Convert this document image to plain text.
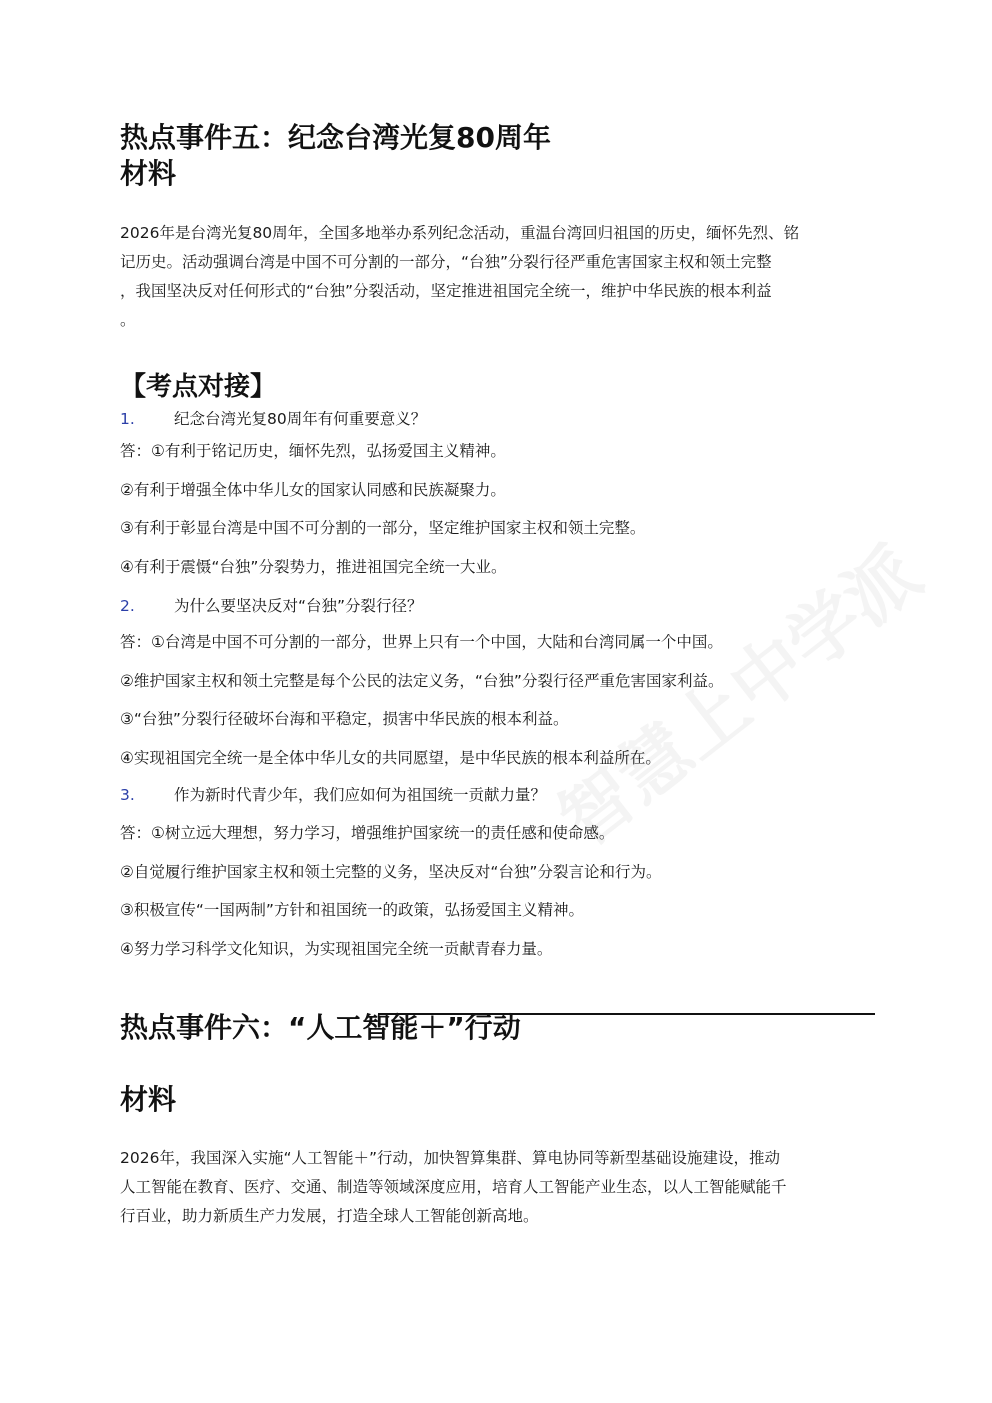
热点事件五：纪念台湾光复80周年
材料
2026年是台湾光复80周年，全国多地举办系列纪念活动，重温台湾回归祖国的历史，缅怀先烈、铭
记历史。活动强调台湾是中国不可分割的一部分，“台独”分裂行径严重危害国家主权和领土完整
，我国坚决反对任何形式的“台独”分裂活动，坚定推进祖国完全统一，维护中华民族的根本利益
。
【考点对接】
1.	纪念台湾光复80周年有何重要意义？
答：①有利于铭记历史，缅怀先烈，弘扬爱国主义精神。
②有利于增强全体中华儿女的国家认同感和民族凝聚力。
③有利于彰显台湾是中国不可分割的一部分，坚定维护国家主权和领土完整。
④有利于震慑“台独”分裂势力，推进祖国完全统一大业。
2.	为什么要坚决反对“台独”分裂行径？
答：①台湾是中国不可分割的一部分，世界上只有一个中国，大陆和台湾同属一个中国。
②维护国家主权和领土完整是每个公民的法定义务，“台独”分裂行径严重危害国家利益。
③“台独”分裂行径破坏台海和平稳定，损害中华民族的根本利益。
④实现祖国完全统一是全体中华儿女的共同愿望，是中华民族的根本利益所在。
3.	作为新时代青少年，我们应如何为祖国统一贡献力量？
答：①树立远大理想，努力学习，增强维护国家统一的责任感和使命感。
②自觉履行维护国家主权和领土完整的义务，坚决反对“台独”分裂言论和行为。
③积极宣传“一国两制”方针和祖国统一的政策，弘扬爱国主义精神。
④努力学习科学文化知识，为实现祖国完全统一贡献青春力量。
热点事件六：“人工智能＋”行动
材料
2026年，我国深入实施“人工智能＋”行动，加快智算集群、算电协同等新型基础设施建设，推动
人工智能在教育、医疗、交通、制造等领域深度应用，培育人工智能产业生态，以人工智能赋能千
行百业，助力新质生产力发展，打造全球人工智能创新高地。
